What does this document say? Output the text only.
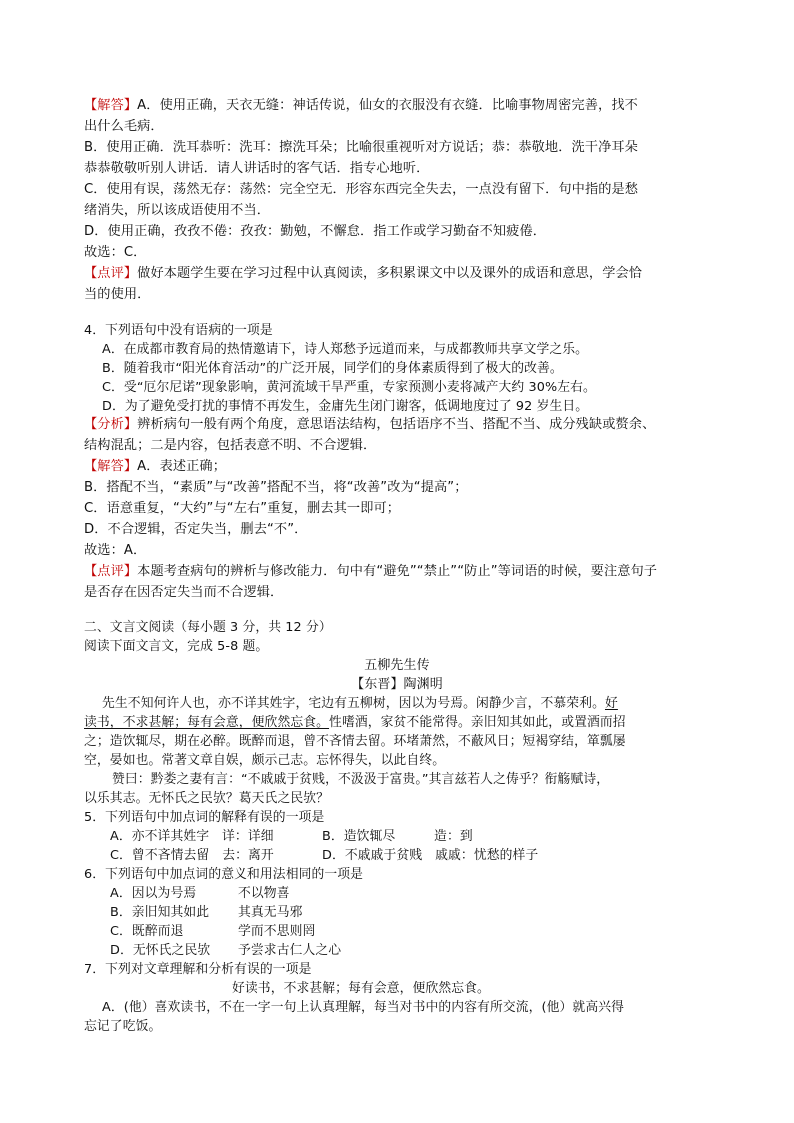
【解答】A．使用正确，天衣无缝：神话传说，仙女的衣服没有衣缝．比喻事物周密完善，找不
出什么毛病．
B．使用正确．洗耳恭听：洗耳：擦洗耳朵；比喻很重视听对方说话；恭：恭敬地．洗干净耳朵
恭恭敬敬听别人讲话．请人讲话时的客气话．指专心地听．
C．使用有误，荡然无存：荡然：完全空无．形容东西完全失去，一点没有留下．句中指的是愁
绪消失，所以该成语使用不当．
D．使用正确，孜孜不倦：孜孜：勤勉，不懈怠．指工作或学习勤奋不知疲倦．
故选：C．
【点评】做好本题学生要在学习过程中认真阅读，多积累课文中以及课外的成语和意思，学会恰
当的使用．
4．下列语句中没有语病的一项是
A．在成都市教育局的热情邀请下，诗人郑愁予远道而来，与成都教师共享文学之乐。
B．随着我市“阳光体育活动”的广泛开展，同学们的身体素质得到了极大的改善。
C．受“厄尔尼诺”现象影响，黄河流域干旱严重，专家预测小麦将减产大约 30%左右。
D．为了避免受打扰的事情不再发生，金庸先生闭门谢客，低调地度过了 92 岁生日。
【分析】辨析病句一般有两个角度，意思语法结构，包括语序不当、搭配不当、成分残缺或赘余、
结构混乱；二是内容，包括表意不明、不合逻辑．
【解答】A．表述正确；
B．搭配不当，“素质”与“改善”搭配不当，将“改善”改为“提高”；
C．语意重复，“大约”与“左右”重复，删去其一即可；
D．不合逻辑，否定失当，删去“不”．
故选：A．
【点评】本题考查病句的辨析与修改能力．句中有“避免”“禁止”“防止”等词语的时候，要注意句子
是否存在因否定失当而不合逻辑．
二、文言文阅读（每小题 3 分，共 12 分）
阅读下面文言文，完成 5-8 题。
五柳先生传
【东晋】陶渊明
先生不知何许人也，亦不详其姓字，宅边有五柳树，因以为号焉。闲静少言，不慕荣利。好
读书，不求甚解；每有会意，便欣然忘食。性嗜酒，家贫不能常得。亲旧知其如此，或置酒而招
之；造饮辄尽，期在必醉。既醉而退，曾不吝情去留。环堵萧然，不蔽风日；短褐穿结，箪瓢屡
空，晏如也。常著文章自娱，颇示己志。忘怀得失，以此自终。
赞曰：黔娄之妻有言：“不戚戚于贫贱，不汲汲于富贵。”其言兹若人之俦乎？衔觞赋诗，
以乐其志。无怀氏之民欤？葛天氏之民欤？
5．下列语句中加点词的解释有误的一项是
A．亦不详其姓字　详：详细	B．造饮辄尽　　　造：到
C．曾不吝情去留　去：离开	D．不戚戚于贫贱　戚戚：忧愁的样子
6．下列语句中加点词的意义和用法相同的一项是
A．因以为号焉	不以物喜
B．亲旧知其如此 其真无马邪
C．既醉而退	学而不思则罔
D．无怀氏之民欤 予尝求古仁人之心
7．下列对文章理解和分析有误的一项是
好读书，不求甚解；每有会意，便欣然忘食。
A．(他）喜欢读书，不在一字一句上认真理解，每当对书中的内容有所交流，(他）就高兴得
忘记了吃饭。
